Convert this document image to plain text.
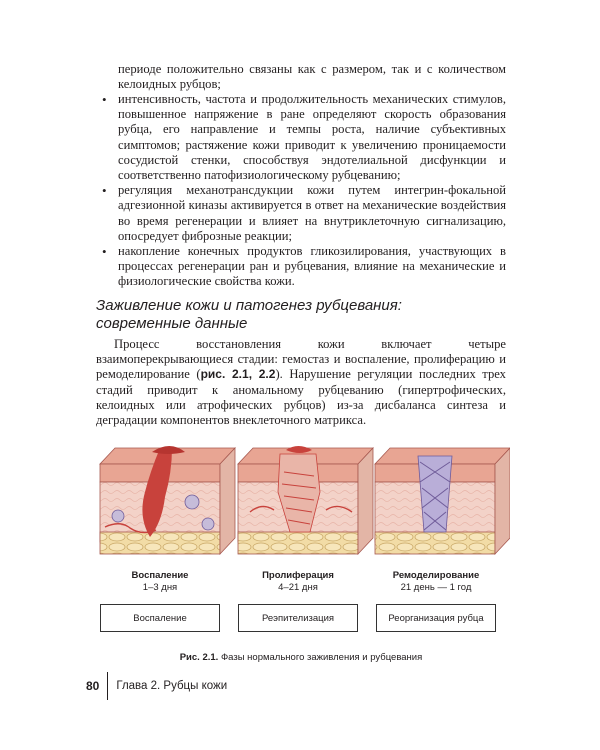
периоде положительно связаны как с размером, так и с количеством келоидных рубцов;

• интенсивность, частота и продолжительность механических стимулов, повышенное напряжение в ране определяют скорость образования рубца, его направление и темпы роста, наличие субъективных симптомов; растяжение кожи приводит к увеличению проницаемости сосудистой стенки, способствуя эндотелиальной дисфункции и соответственно патофизиологическому рубцеванию;
• регуляция механотрансдукции кожи путем интегрин-фокальной адгезионной киназы активируется в ответ на механические воздействия во время регенерации и влияет на внутриклеточную сигнализацию, опосредует фиброзные реакции;
• накопление конечных продуктов гликозилирования, участвующих в процессах регенерации ран и рубцевания, влияние на механические и физиологические свойства кожи.
Заживление кожи и патогенез рубцевания:
современные данные

Процесс восстановления кожи включает четыре взаимоперекрывающиеся стадии: гемостаз и воспаление, пролиферацию и ремоделирование (рис. 2.1, 2.2). Нарушение регуляции последних трех стадий приводит к аномальному рубцеванию (гипертрофических, келоидных или атрофических рубцов) из-за дисбаланса синтеза и деградации компонентов внеклеточного матрикса.

Воспаление
1–3 дня
Пролиферация
4–21 дня
Ремоделирование
21 день — 1 год
Воспаление	Реэпителизация	Реорганизация рубца
Рис. 2.1. Фазы нормального заживления и рубцевания
80 Глава 2. Рубцы кожи
